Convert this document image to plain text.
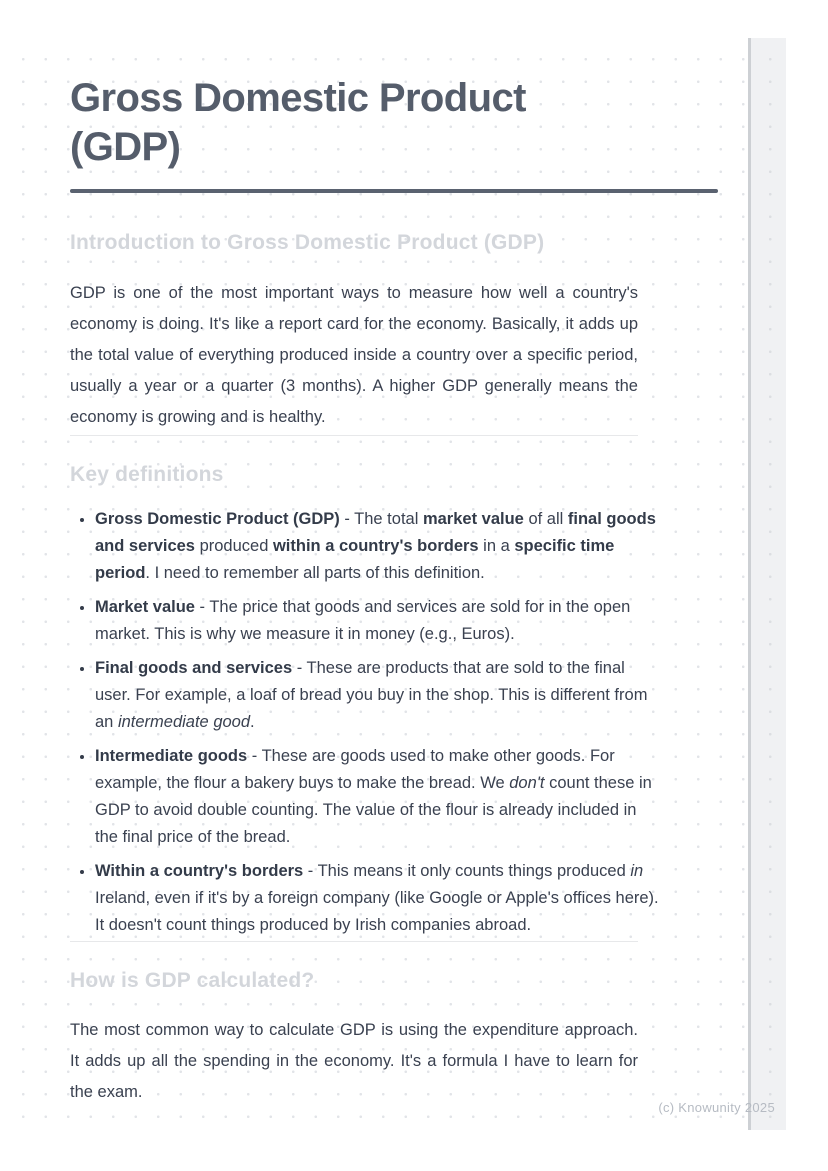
Gross Domestic Product
(GDP)
Introduction to Gross Domestic Product (GDP)

GDP is one of the most important ways to measure how well a country's economy is doing. It's like a report card for the economy. Basically, it adds up the total value of everything produced inside a country over a specific period, usually a year or a quarter (3 months). A higher GDP generally means the economy is growing and is healthy.

Key definitions
• Gross Domestic Product (GDP) - The total market value of all final goods and services produced within a country's borders in a specific time period. I need to remember all parts of this definition.
• Market value - The price that goods and services are sold for in the open market. This is why we measure it in money (e.g., Euros).
• Final goods and services - These are products that are sold to the final user. For example, a loaf of bread you buy in the shop. This is different from an intermediate good.
• Intermediate goods - These are goods used to make other goods. For example, the flour a bakery buys to make the bread. We don't count these in GDP to avoid double counting. The value of the flour is already included in the final price of the bread.
• Within a country's borders - This means it only counts things produced in Ireland, even if it's by a foreign company (like Google or Apple's offices here). It doesn't count things produced by Irish companies abroad.
How is GDP calculated?

The most common way to calculate GDP is using the expenditure approach. It adds up all the spending in the economy. It's a formula I have to learn for the exam.

(c) Knowunity 2025
